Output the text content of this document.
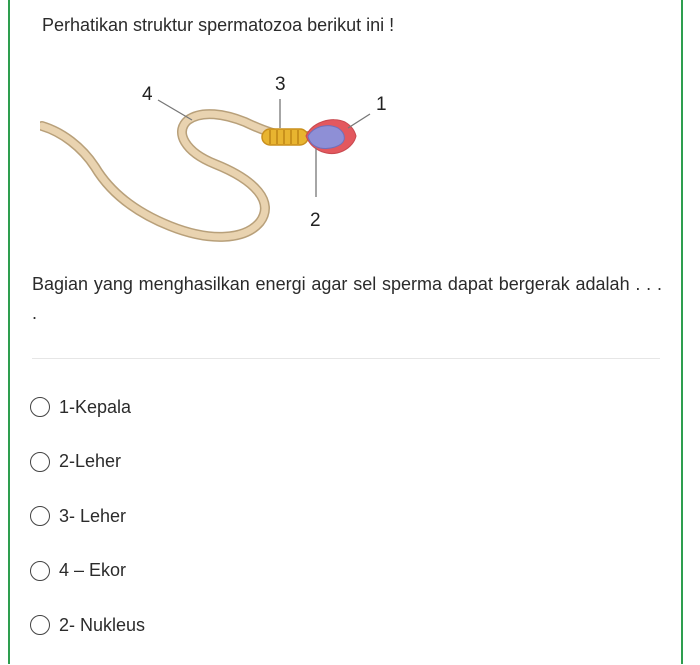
Perhatikan struktur spermatozoa berikut ini !

4	3
1
2
Bagian yang menghasilkan energi agar sel sperma dapat bergerak adalah . . . .
1-Kepala
2-Leher
3- Leher
4 – Ekor
2- Nukleus
